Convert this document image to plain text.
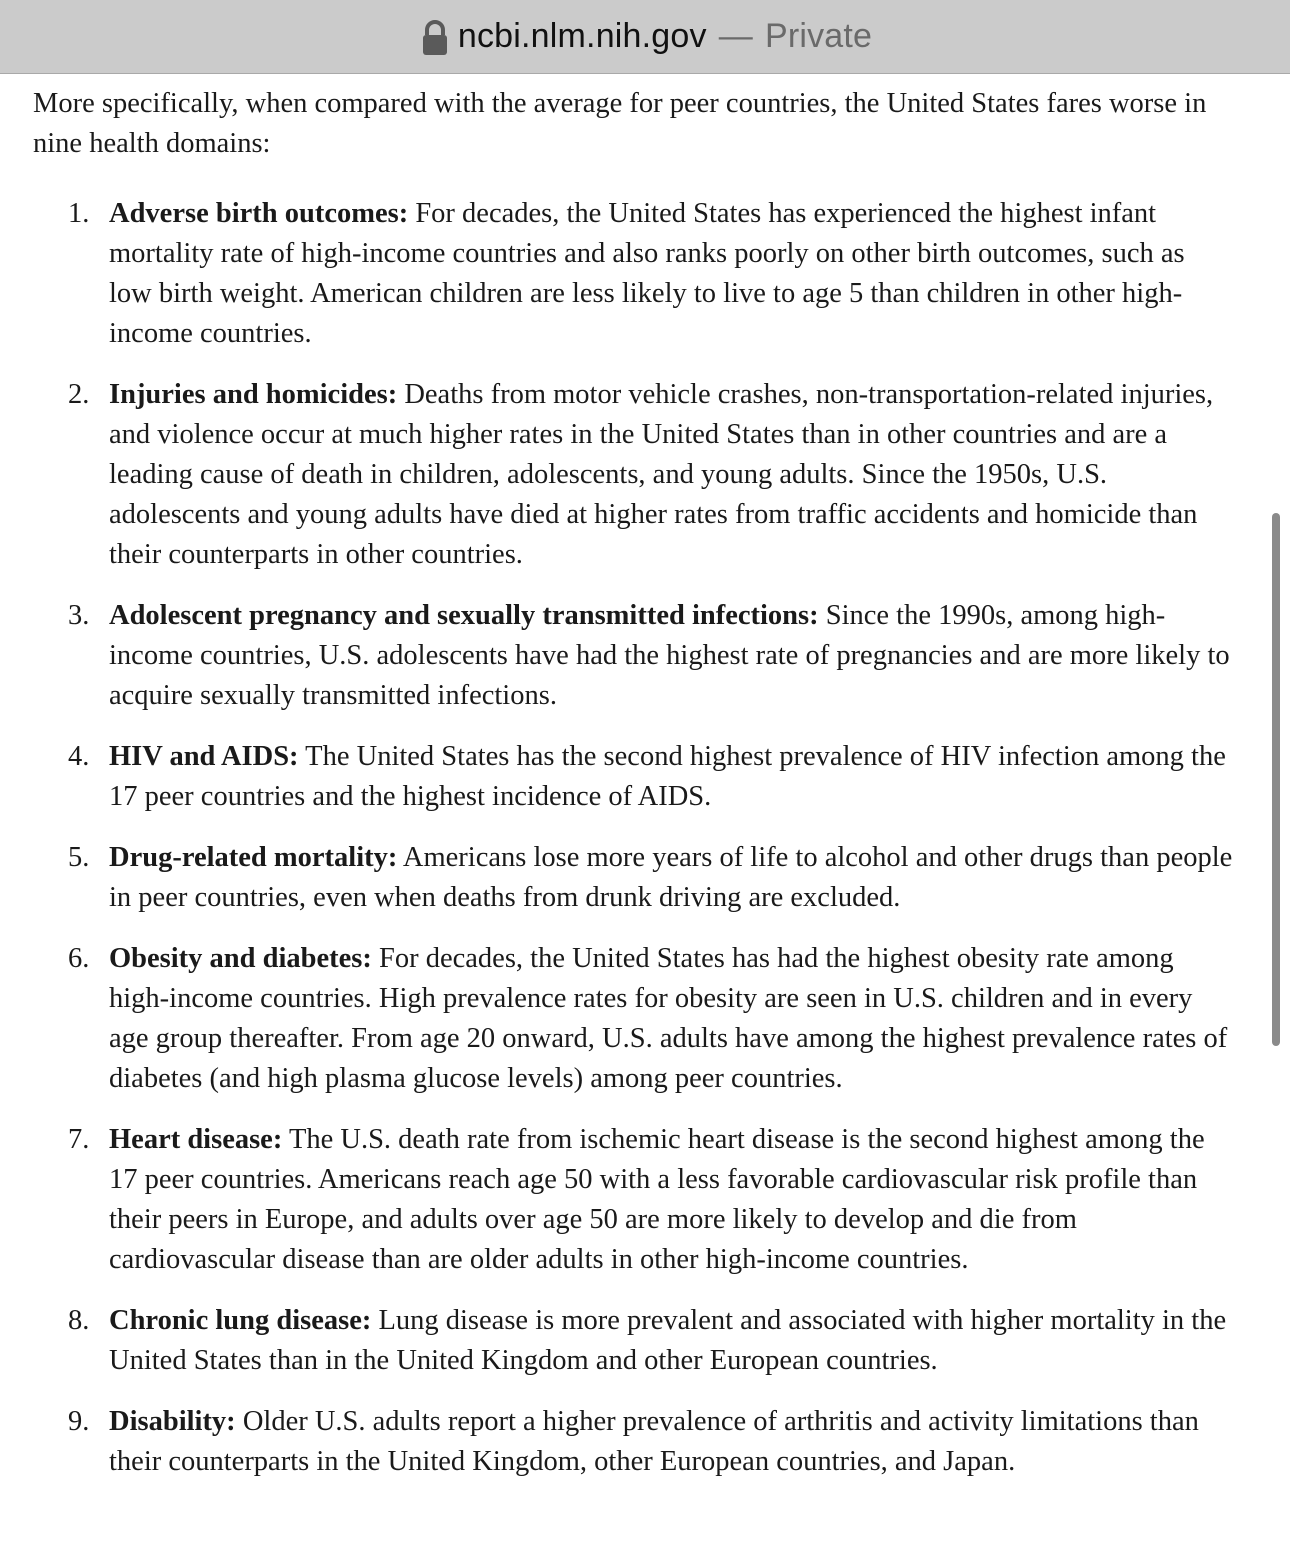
ncbi.nlm.nih.gov — Private

More specifically, when compared with the average for peer countries, the United States fares worse in nine health domains:

1. Adverse birth outcomes: For decades, the United States has experienced the highest infant mortality rate of high-income countries and also ranks poorly on other birth outcomes, such as low birth weight. American children are less likely to live to age 5 than children in other high-income countries.
2. Injuries and homicides: Deaths from motor vehicle crashes, non-transportation-related injuries, and violence occur at much higher rates in the United States than in other countries and are a leading cause of death in children, adolescents, and young adults. Since the 1950s, U.S. adolescents and young adults have died at higher rates from traffic accidents and homicide than their counterparts in other countries.
3. Adolescent pregnancy and sexually transmitted infections: Since the 1990s, among high-income countries, U.S. adolescents have had the highest rate of pregnancies and are more likely to acquire sexually transmitted infections.
4. HIV and AIDS: The United States has the second highest prevalence of HIV infection among the 17 peer countries and the highest incidence of AIDS.
5. Drug-related mortality: Americans lose more years of life to alcohol and other drugs than people in peer countries, even when deaths from drunk driving are excluded.
6. Obesity and diabetes: For decades, the United States has had the highest obesity rate among high-income countries. High prevalence rates for obesity are seen in U.S. children and in every age group thereafter. From age 20 onward, U.S. adults have among the highest prevalence rates of diabetes (and high plasma glucose levels) among peer countries.
7. Heart disease: The U.S. death rate from ischemic heart disease is the second highest among the 17 peer countries. Americans reach age 50 with a less favorable cardiovascular risk profile than their peers in Europe, and adults over age 50 are more likely to develop and die from cardiovascular disease than are older adults in other high-income countries.
8. Chronic lung disease: Lung disease is more prevalent and associated with higher mortality in the United States than in the United Kingdom and other European countries.
9. Disability: Older U.S. adults report a higher prevalence of arthritis and activity limitations than their counterparts in the United Kingdom, other European countries, and Japan.
